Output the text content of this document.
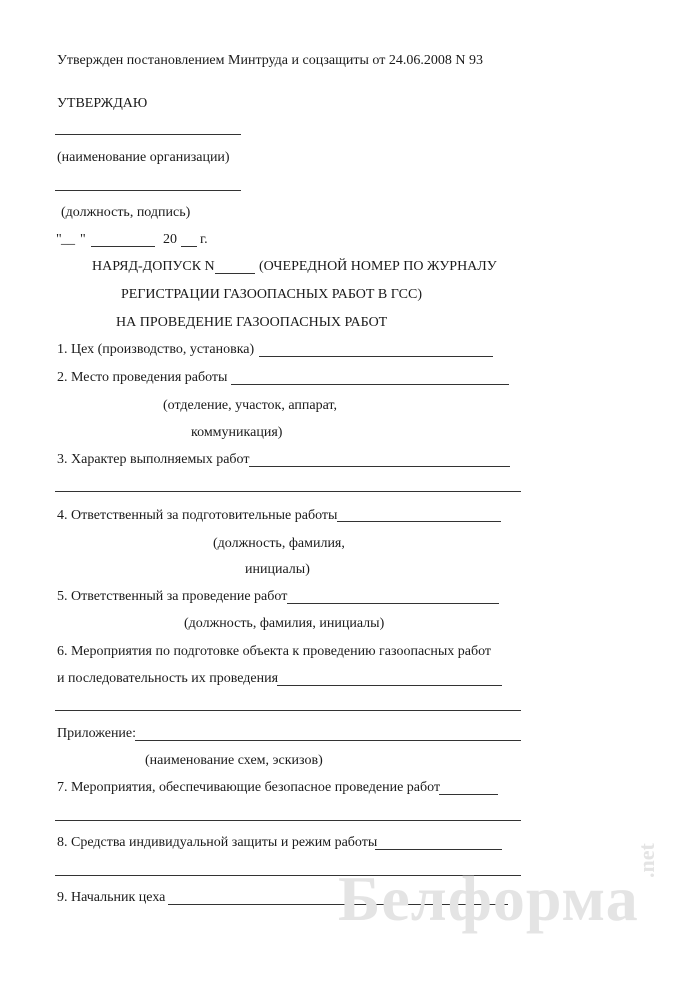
Утвержден постановлением Минтруда и соцзащиты от 24.06.2008 N 93
УТВЕРЖДАЮ
(наименование организации)
(должность, подпись)
" __ "	20 г.
НАРЯД-ДОПУСК N	(ОЧЕРЕДНОЙ НОМЕР ПО ЖУРНАЛУ
РЕГИСТРАЦИИ ГАЗООПАСНЫХ РАБОТ В ГСС)
НА ПРОВЕДЕНИЕ ГАЗООПАСНЫХ РАБОТ
1. Цех (производство, установка)
2. Место проведения работы
(отделение, участок, аппарат,
коммуникация)
3. Характер выполняемых работ
4. Ответственный за подготовительные работы
(должность, фамилия,
инициалы)
5. Ответственный за проведение работ
(должность, фамилия, инициалы)
6. Мероприятия по подготовке объекта к проведению газоопасных работ
и последовательность их проведения
Приложение:
(наименование схем, эскизов)
7. Мероприятия, обеспечивающие безопасное проведение работ
8. Средства индивидуальной защиты и режим работы
9. Начальник цеха	Белформа
.net
